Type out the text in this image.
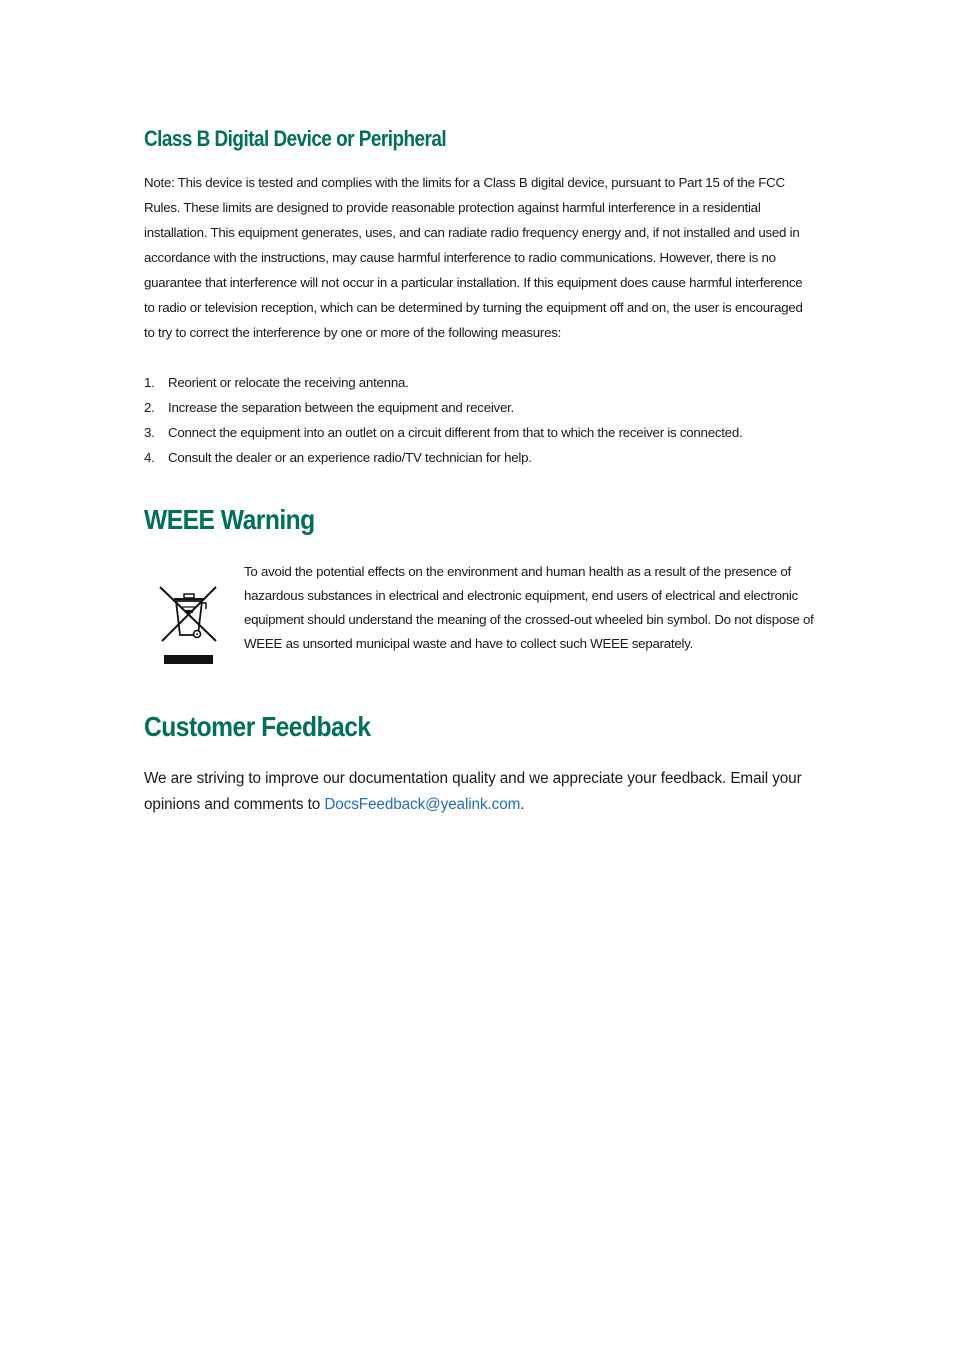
Class B Digital Device or Peripheral

Note: This device is tested and complies with the limits for a Class B digital device, pursuant to Part 15 of the FCC Rules. These limits are designed to provide reasonable protection against harmful interference in a residential installation. This equipment generates, uses, and can radiate radio frequency energy and, if not installed and used in accordance with the instructions, may cause harmful interference to radio communications. However, there is no guarantee that interference will not occur in a particular installation. If this equipment does cause harmful interference to radio or television reception, which can be determined by turning the equipment off and on, the user is encouraged to try to correct the interference by one or more of the following measures:

1. Reorient or relocate the receiving antenna.
2. Increase the separation between the equipment and receiver.
3. Connect the equipment into an outlet on a circuit different from that to which the receiver is connected.
4. Consult the dealer or an experience radio/TV technician for help.
WEEE Warning

To avoid the potential effects on the environment and human health as a result of the presence of hazardous substances in electrical and electronic equipment, end users of electrical and electronic equipment should understand the meaning of the crossed-out wheeled bin symbol. Do not dispose of WEEE as unsorted municipal waste and have to collect such WEEE separately.

Customer Feedback

We are striving to improve our documentation quality and we appreciate your feedback. Email your opinions and comments to DocsFeedback@yealink.com.
